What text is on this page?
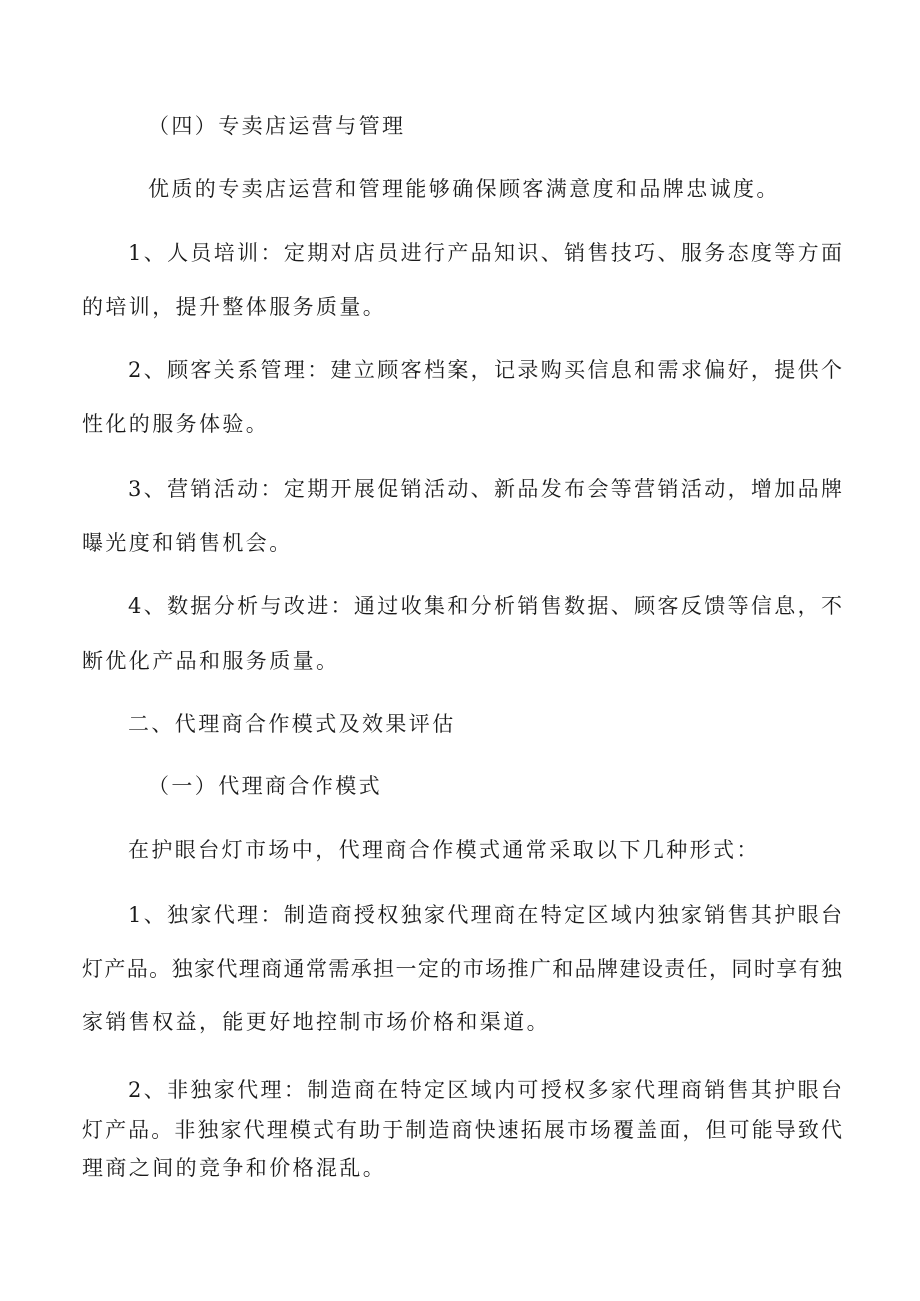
（四）专卖店运营与管理
优质的专卖店运营和管理能够确保顾客满意度和品牌忠诚度。
1、人员培训：定期对店员进行产品知识、销售技巧、服务态度等方面
的培训，提升整体服务质量。
2、顾客关系管理：建立顾客档案，记录购买信息和需求偏好，提供个
性化的服务体验。
3、营销活动：定期开展促销活动、新品发布会等营销活动，增加品牌
曝光度和销售机会。
4、数据分析与改进：通过收集和分析销售数据、顾客反馈等信息，不
断优化产品和服务质量。
二、代理商合作模式及效果评估
（一）代理商合作模式
在护眼台灯市场中，代理商合作模式通常采取以下几种形式：
1、独家代理：制造商授权独家代理商在特定区域内独家销售其护眼台
灯产品。独家代理商通常需承担一定的市场推广和品牌建设责任，同时享有独
家销售权益，能更好地控制市场价格和渠道。
2、非独家代理：制造商在特定区域内可授权多家代理商销售其护眼台
灯产品。非独家代理模式有助于制造商快速拓展市场覆盖面，但可能导致代
理商之间的竞争和价格混乱。
